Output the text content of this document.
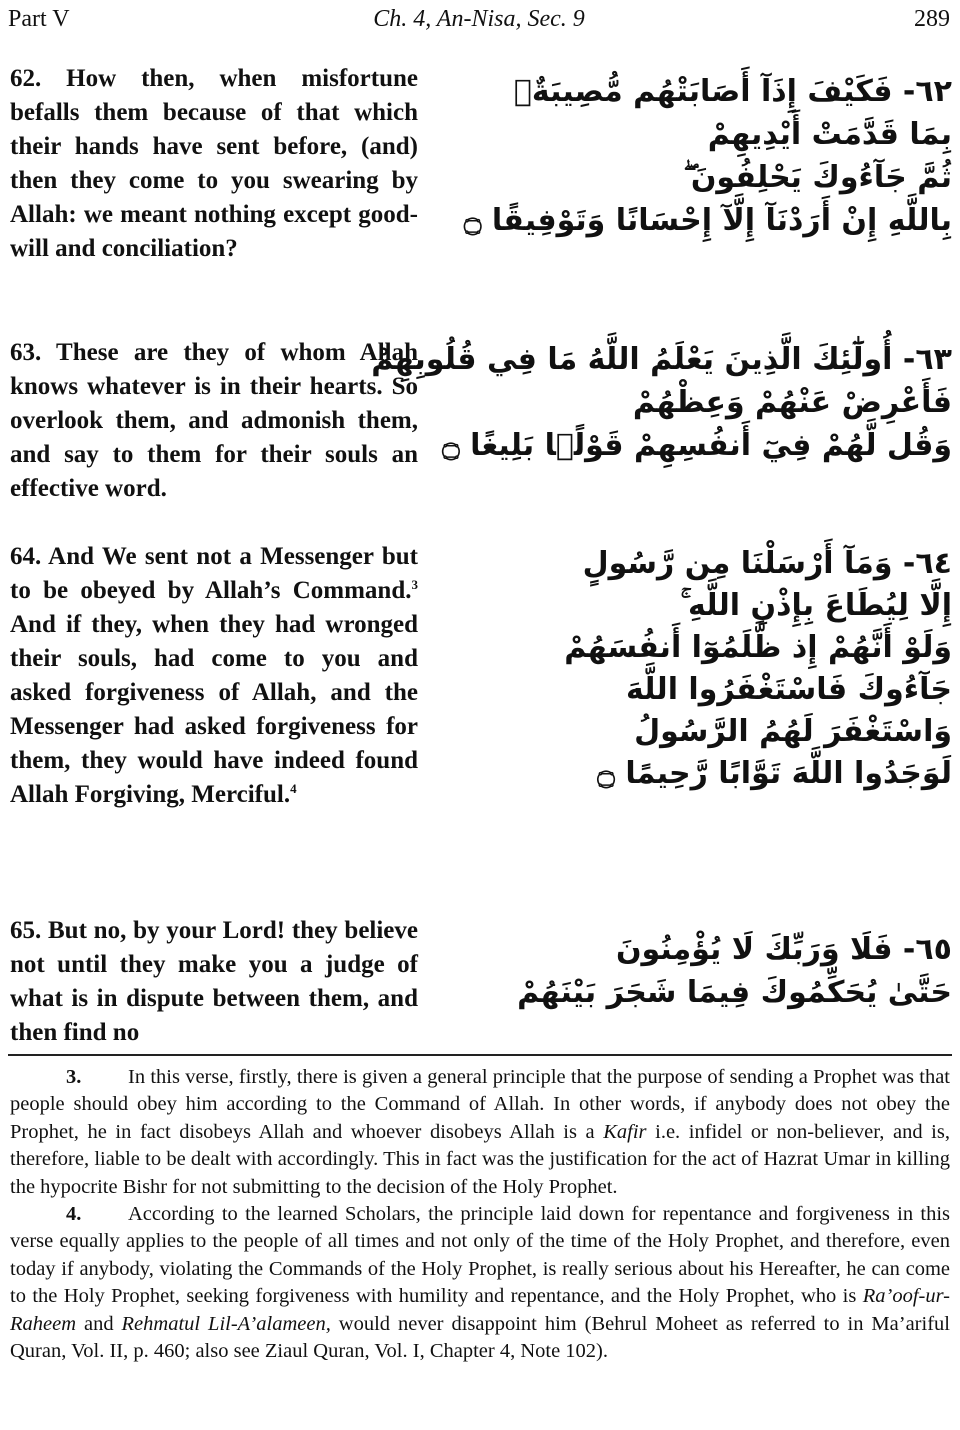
Part V	Ch. 4, An-Nisa, Sec. 9	289
62. How then, when misfortune befalls them because of that which their hands have sent before, (and) then they come to you swearing by Allah: we meant nothing except good-will and conciliation?
٦٢- فَكَيْفَ إِذَآ أَصَابَتْهُم مُّصِيبَةٌۢ
بِمَا قَدَّمَتْ أَيْدِيهِمْ
ثُمَّ جَآءُوكَ يَحْلِفُونَ ۖ
بِاللَّهِ إِنْ أَرَدْنَآ إِلَّآ إِحْسَانًا وَتَوْفِيقًا ۝
63. These are they of whom Allah knows whatever is in their hearts. So overlook them, and admonish them, and say to them for their souls an effective word.
٦٣- أُولَٰٓئِكَ الَّذِينَ يَعْلَمُ اللَّهُ مَا فِي قُلُوبِهِمْ
فَأَعْرِضْ عَنْهُمْ وَعِظْهُمْ
وَقُل لَّهُمْ فِيٓ أَنفُسِهِمْ قَوْلًۢا بَلِيغًا ۝
64. And We sent not a Messenger but to be obeyed by Allah’s Command.$^3$ And if they, when they had wronged their souls, had come to you and asked forgiveness of Allah, and the Messenger had asked forgiveness for them, they would have indeed found Allah Forgiving, Merciful.$^4$
٦٤- وَمَآ أَرْسَلْنَا مِن رَّسُولٍ
إِلَّا لِيُطَاعَ بِإِذْنِ اللَّهِ ۚ
وَلَوْ أَنَّهُمْ إِذ ظَّلَمُوٓا أَنفُسَهُمْ
جَآءُوكَ فَاسْتَغْفَرُوا اللَّهَ
وَاسْتَغْفَرَ لَهُمُ الرَّسُولُ
لَوَجَدُوا اللَّهَ تَوَّابًا رَّحِيمًا ۝
65. But no, by your Lord! they believe not until they make you a judge of what is in dispute between them, and then find no
٦٥- فَلَا وَرَبِّكَ لَا يُؤْمِنُونَ
حَتَّىٰ يُحَكِّمُوكَ فِيمَا شَجَرَ بَيْنَهُمْ

3. In this verse, firstly, there is given a general principle that the purpose of sending a Prophet was that people should obey him according to the Command of Allah. In other words, if anybody does not obey the Prophet, he in fact disobeys Allah and whoever disobeys Allah is a Kafir i.e. infidel or non-believer, and is, therefore, liable to be dealt with accordingly. This in fact was the justification for the act of Hazrat Umar in killing the hypocrite Bishr for not submitting to the decision of the Holy Prophet.

4. According to the learned Scholars, the principle laid down for repentance and forgiveness in this verse equally applies to the people of all times and not only of the time of the Holy Prophet, and therefore, even today if anybody, violating the Commands of the Holy Prophet, is really serious about his Hereafter, he can come to the Holy Prophet, seeking forgiveness with humility and repentance, and the Holy Prophet, who is Ra’oof-ur-Raheem and Rehmatul Lil-A’alameen, would never disappoint him (Behrul Moheet as referred to in Ma’ariful Quran, Vol. II, p. 460; also see Ziaul Quran, Vol. I, Chapter 4, Note 102).
